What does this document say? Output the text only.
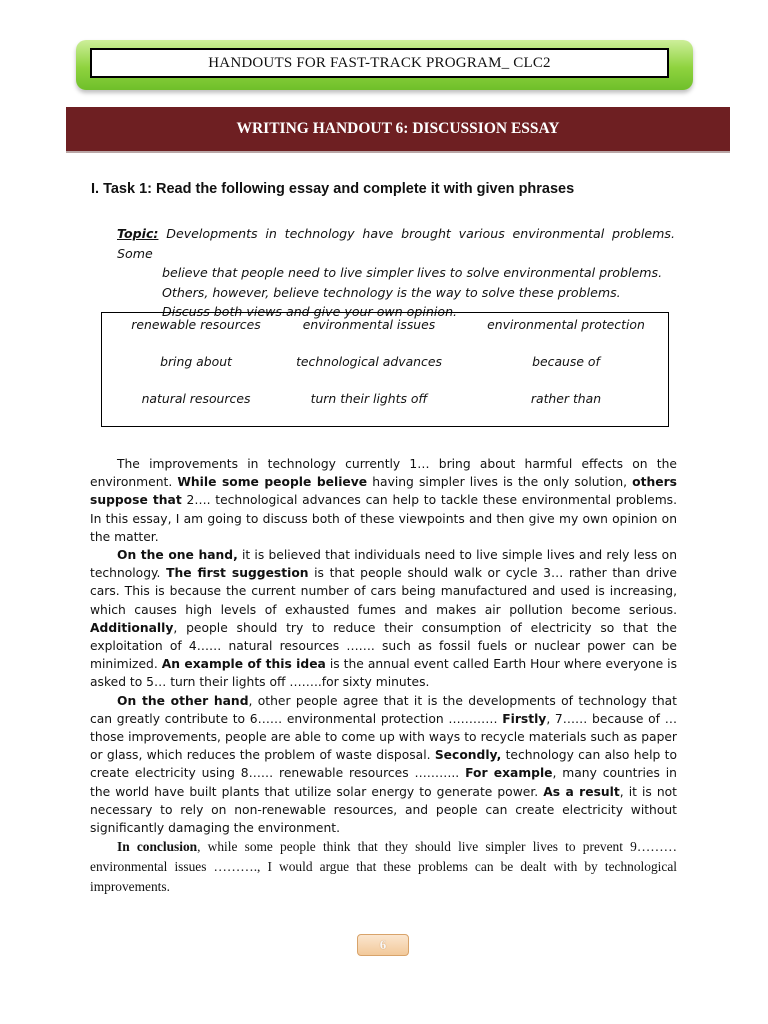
HANDOUTS FOR FAST-TRACK PROGRAM_ CLC2
WRITING HANDOUT 6: DISCUSSION ESSAY
I. Task 1: Read the following essay and complete it with given phrases
Topic: Developments in technology have brought various environmental problems. Some
believe that people need to live simpler lives to solve environmental problems.
Others, however, believe technology is the way to solve these problems.
Discuss both views and give your own opinion.
renewable resources	environmental issues	environmental protection
bring about	technological advances	because of
natural resources	turn their lights off	rather than

The improvements in technology currently 1… bring about harmful effects on the environment. While some people believe having simpler lives is the only solution, others suppose that 2…. technological advances can help to tackle these environmental problems. In this essay, I am going to discuss both of these viewpoints and then give my own opinion on the matter.

On the one hand, it is believed that individuals need to live simple lives and rely less on technology. The first suggestion is that people should walk or cycle 3… rather than drive cars. This is because the current number of cars being manufactured and used is increasing, which causes high levels of exhausted fumes and makes air pollution become serious. Additionally, people should try to reduce their consumption of electricity so that the exploitation of 4…… natural resources ……. such as fossil fuels or nuclear power can be minimized. An example of this idea is the annual event called Earth Hour where everyone is asked to 5… turn their lights off ……..for sixty minutes.

On the other hand, other people agree that it is the developments of technology that can greatly contribute to 6…… environmental protection ………… Firstly, 7…… because of … those improvements, people are able to come up with ways to recycle materials such as paper or glass, which reduces the problem of waste disposal. Secondly, technology can also help to create electricity using 8…… renewable resources ……….. For example, many countries in the world have built plants that utilize solar energy to generate power. As a result, it is not necessary to rely on non-renewable resources, and people can create electricity without significantly damaging the environment.

In conclusion, while some people think that they should live simpler lives to prevent 9……… environmental issues ………., I would argue that these problems can be dealt with by technological improvements.

6
